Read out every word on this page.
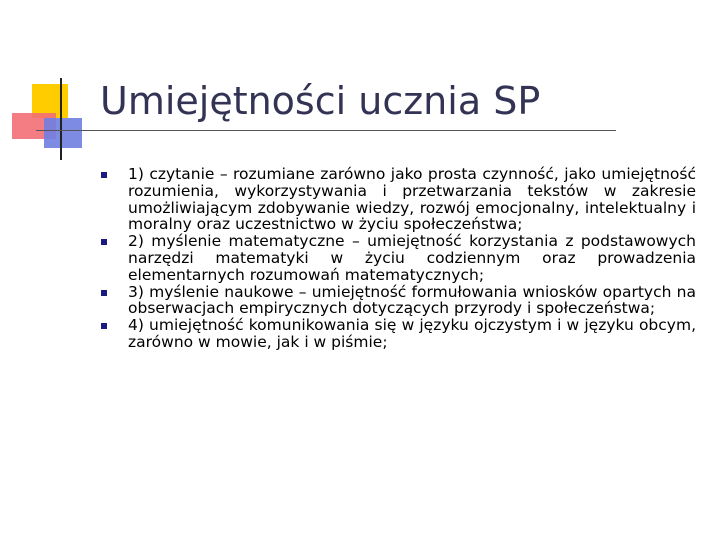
Umiejętności ucznia SP
1) czytanie – rozumiane zarówno jako prosta czynność, jako umiejętność rozumienia, wykorzystywania i przetwarzania tekstów w zakresie umożliwiającym zdobywanie wiedzy, rozwój emocjonalny, intelektualny i moralny oraz uczestnictwo w życiu społeczeństwa;
2) myślenie matematyczne – umiejętność korzystania z podstawowych narzędzi matematyki w życiu codziennym oraz prowadzenia elementarnych rozumowań matematycznych;
3) myślenie naukowe – umiejętność formułowania wniosków opartych na obserwacjach empirycznych dotyczących przyrody i społeczeństwa;
4) umiejętność komunikowania się w języku ojczystym i w języku obcym, zarówno w mowie, jak i w piśmie;
